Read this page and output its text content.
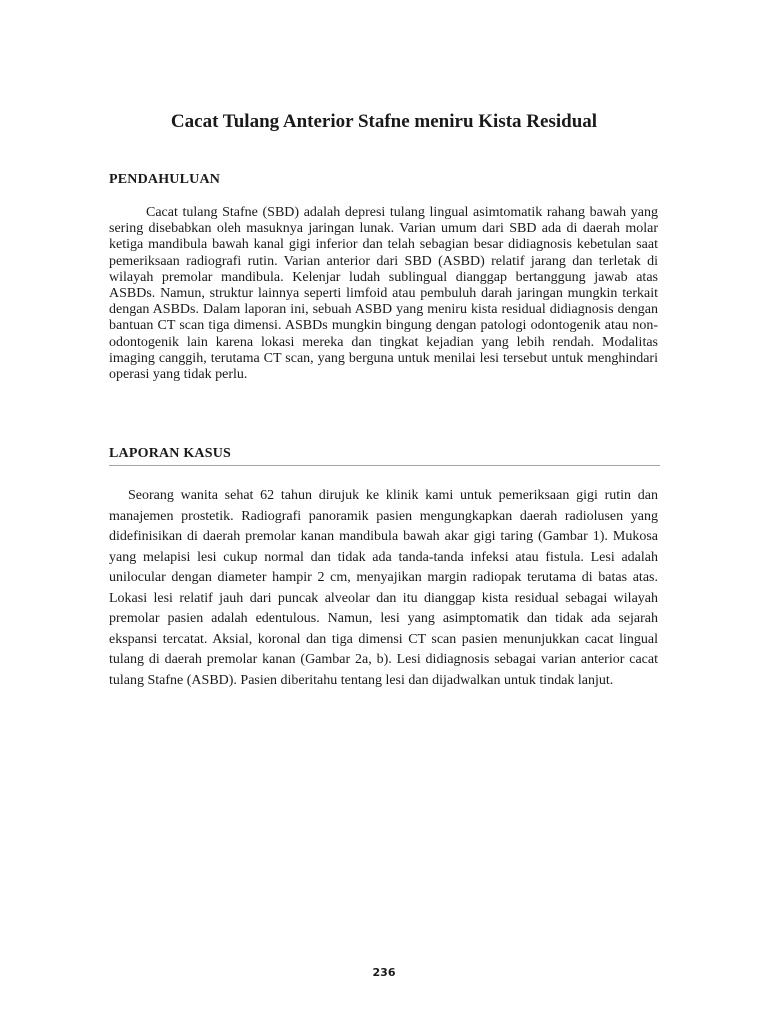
Cacat Tulang Anterior Stafne meniru Kista Residual
PENDAHULUAN

Cacat tulang Stafne (SBD) adalah depresi tulang lingual asimtomatik rahang bawah yang sering disebabkan oleh masuknya jaringan lunak. Varian umum dari SBD ada di daerah molar ketiga mandibula bawah kanal gigi inferior dan telah sebagian besar didiagnosis kebetulan saat pemeriksaan radiografi rutin. Varian anterior dari SBD (ASBD) relatif jarang dan terletak di wilayah premolar mandibula. Kelenjar ludah sublingual dianggap bertanggung jawab atas ASBDs. Namun, struktur lainnya seperti limfoid atau pembuluh darah jaringan mungkin terkait dengan ASBDs. Dalam laporan ini, sebuah ASBD yang meniru kista residual didiagnosis dengan bantuan CT scan tiga dimensi. ASBDs mungkin bingung dengan patologi odontogenik atau non-odontogenik lain karena lokasi mereka dan tingkat kejadian yang lebih rendah. Modalitas imaging canggih, terutama CT scan, yang berguna untuk menilai lesi tersebut untuk menghindari operasi yang tidak perlu.

LAPORAN KASUS

Seorang wanita sehat 62 tahun dirujuk ke klinik kami untuk pemeriksaan gigi rutin dan manajemen prostetik. Radiografi panoramik pasien mengungkapkan daerah radiolusen yang didefinisikan di daerah premolar kanan mandibula bawah akar gigi taring (Gambar 1). Mukosa yang melapisi lesi cukup normal dan tidak ada tanda-tanda infeksi atau fistula. Lesi adalah unilocular dengan diameter hampir 2 cm, menyajikan margin radiopak terutama di batas atas. Lokasi lesi relatif jauh dari puncak alveolar dan itu dianggap kista residual sebagai wilayah premolar pasien adalah edentulous. Namun, lesi yang asimptomatik dan tidak ada sejarah ekspansi tercatat. Aksial, koronal dan tiga dimensi CT scan pasien menunjukkan cacat lingual tulang di daerah premolar kanan (Gambar 2a, b). Lesi didiagnosis sebagai varian anterior cacat tulang Stafne (ASBD). Pasien diberitahu tentang lesi dan dijadwalkan untuk tindak lanjut.

236
